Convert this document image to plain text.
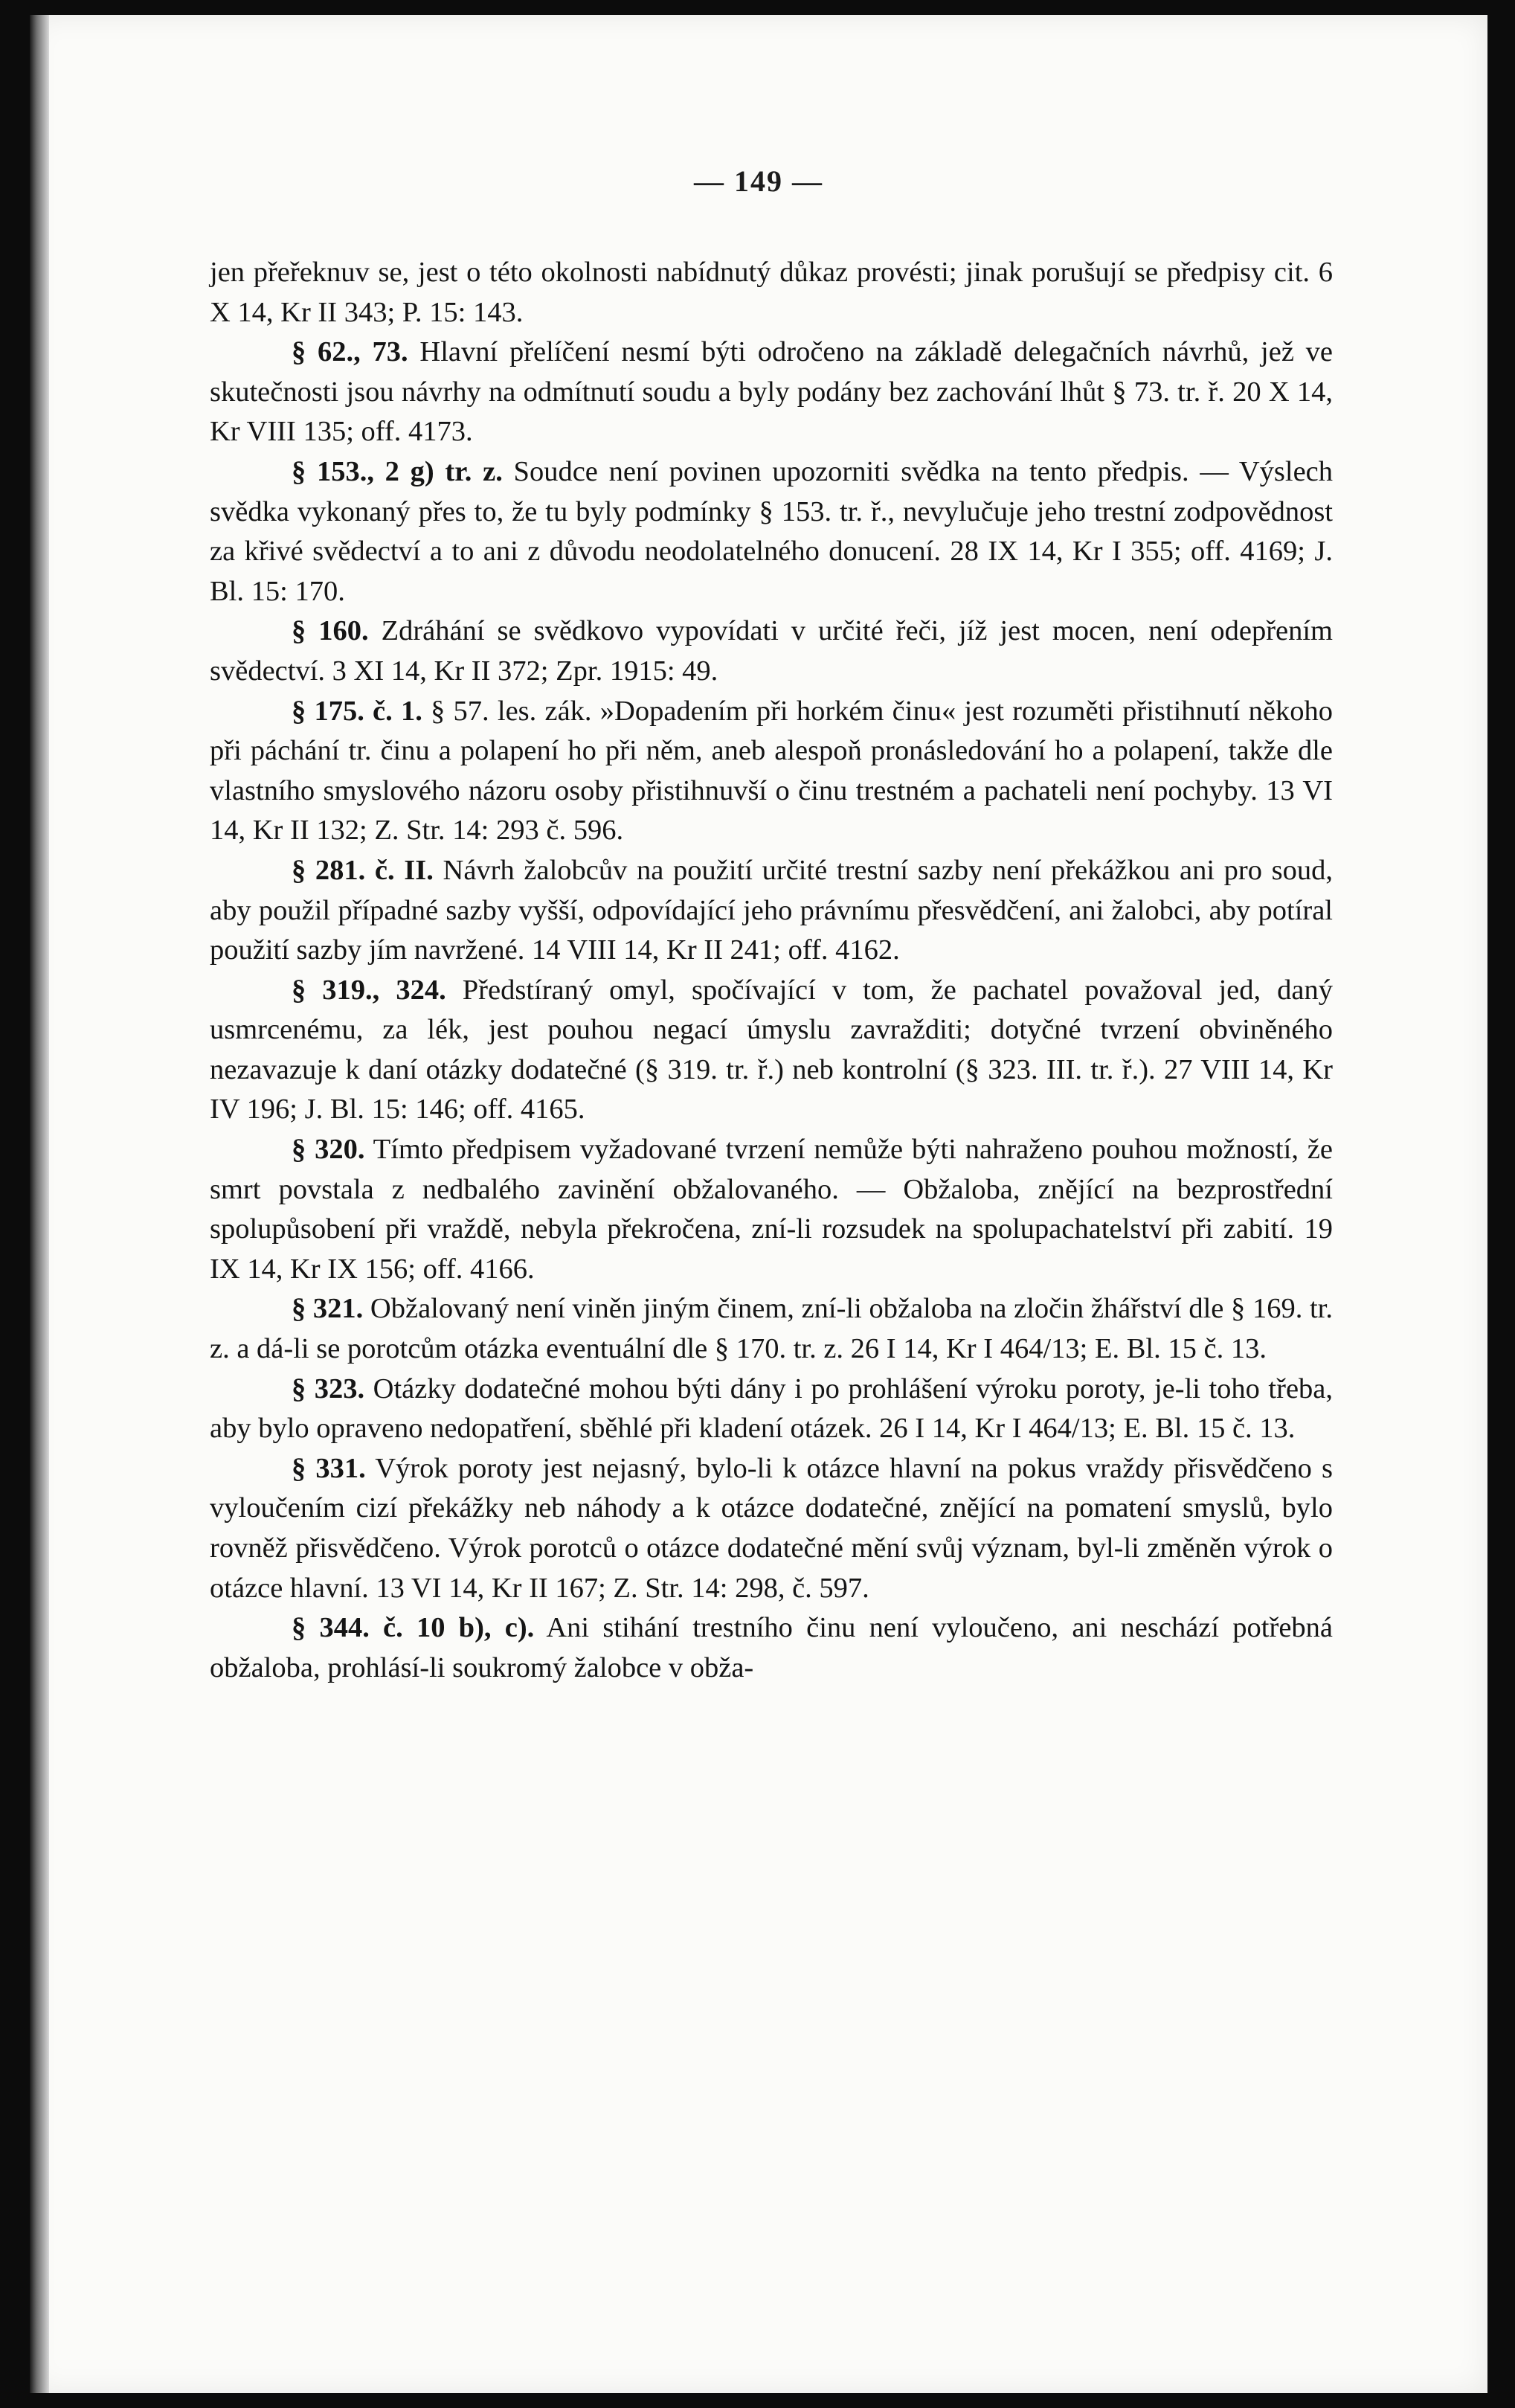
— 149 —

jen přeřeknuv se, jest o této okolnosti nabídnutý důkaz provésti; jinak porušují se předpisy cit. 6 X 14, Kr II 343; P. 15: 143.

§ 62., 73. Hlavní přelíčení nesmí býti odročeno na základě delegačních návrhů, jež ve skutečnosti jsou návrhy na odmítnutí soudu a byly podány bez zachování lhůt § 73. tr. ř. 20 X 14, Kr VIII 135; off. 4173.

§ 153., 2 g) tr. z. Soudce není povinen upozorniti svědka na tento předpis. — Výslech svědka vykonaný přes to, že tu byly podmínky § 153. tr. ř., nevylučuje jeho trestní zodpovědnost za křivé svědectví a to ani z důvodu neodolatelného donucení. 28 IX 14, Kr I 355; off. 4169; J. Bl. 15: 170.

§ 160. Zdráhání se svědkovo vypovídati v určité řeči, jíž jest mocen, není odepřením svědectví. 3 XI 14, Kr II 372; Zpr. 1915: 49.

§ 175. č. 1. § 57. les. zák. »Dopadením při horkém činu« jest rozuměti přistihnutí někoho při páchání tr. činu a polapení ho při něm, aneb alespoň pronásledování ho a polapení, takže dle vlastního smyslového názoru osoby přistihnuvší o činu trestném a pachateli není pochyby. 13 VI 14, Kr II 132; Z. Str. 14: 293 č. 596.

§ 281. č. II. Návrh žalobcův na použití určité trestní sazby není překážkou ani pro soud, aby použil případné sazby vyšší, odpovídající jeho právnímu přesvědčení, ani žalobci, aby potíral použití sazby jím navržené. 14 VIII 14, Kr II 241; off. 4162.

§ 319., 324. Předstíraný omyl, spočívající v tom, že pachatel považoval jed, daný usmrcenému, za lék, jest pouhou negací úmyslu zavražditi; dotyčné tvrzení obviněného nezavazuje k daní otázky dodatečné (§ 319. tr. ř.) neb kontrolní (§ 323. III. tr. ř.). 27 VIII 14, Kr IV 196; J. Bl. 15: 146; off. 4165.

§ 320. Tímto předpisem vyžadované tvrzení nemůže býti nahraženo pouhou možností, že smrt povstala z nedbalého zavinění obžalovaného. — Obžaloba, znějící na bezprostřední spolupůsobení při vraždě, nebyla překročena, zní-li rozsudek na spolupachatelství při zabití. 19 IX 14, Kr IX 156; off. 4166.

§ 321. Obžalovaný není viněn jiným činem, zní-li obžaloba na zločin žhářství dle § 169. tr. z. a dá-li se porotcům otázka eventuální dle § 170. tr. z. 26 I 14, Kr I 464/13; E. Bl. 15 č. 13.

§ 323. Otázky dodatečné mohou býti dány i po prohlášení výroku poroty, je-li toho třeba, aby bylo opraveno nedopatření, sběhlé při kladení otázek. 26 I 14, Kr I 464/13; E. Bl. 15 č. 13.

§ 331. Výrok poroty jest nejasný, bylo-li k otázce hlavní na pokus vraždy přisvědčeno s vyloučením cizí překážky neb náhody a k otázce dodatečné, znějící na pomatení smyslů, bylo rovněž přisvědčeno. Výrok porotců o otázce dodatečné mění svůj význam, byl-li změněn výrok o otázce hlavní. 13 VI 14, Kr II 167; Z. Str. 14: 298, č. 597.

§ 344. č. 10 b), c). Ani stihání trestního činu není vyloučeno, ani neschází potřebná obžaloba, prohlásí-li soukromý žalobce v obža-
